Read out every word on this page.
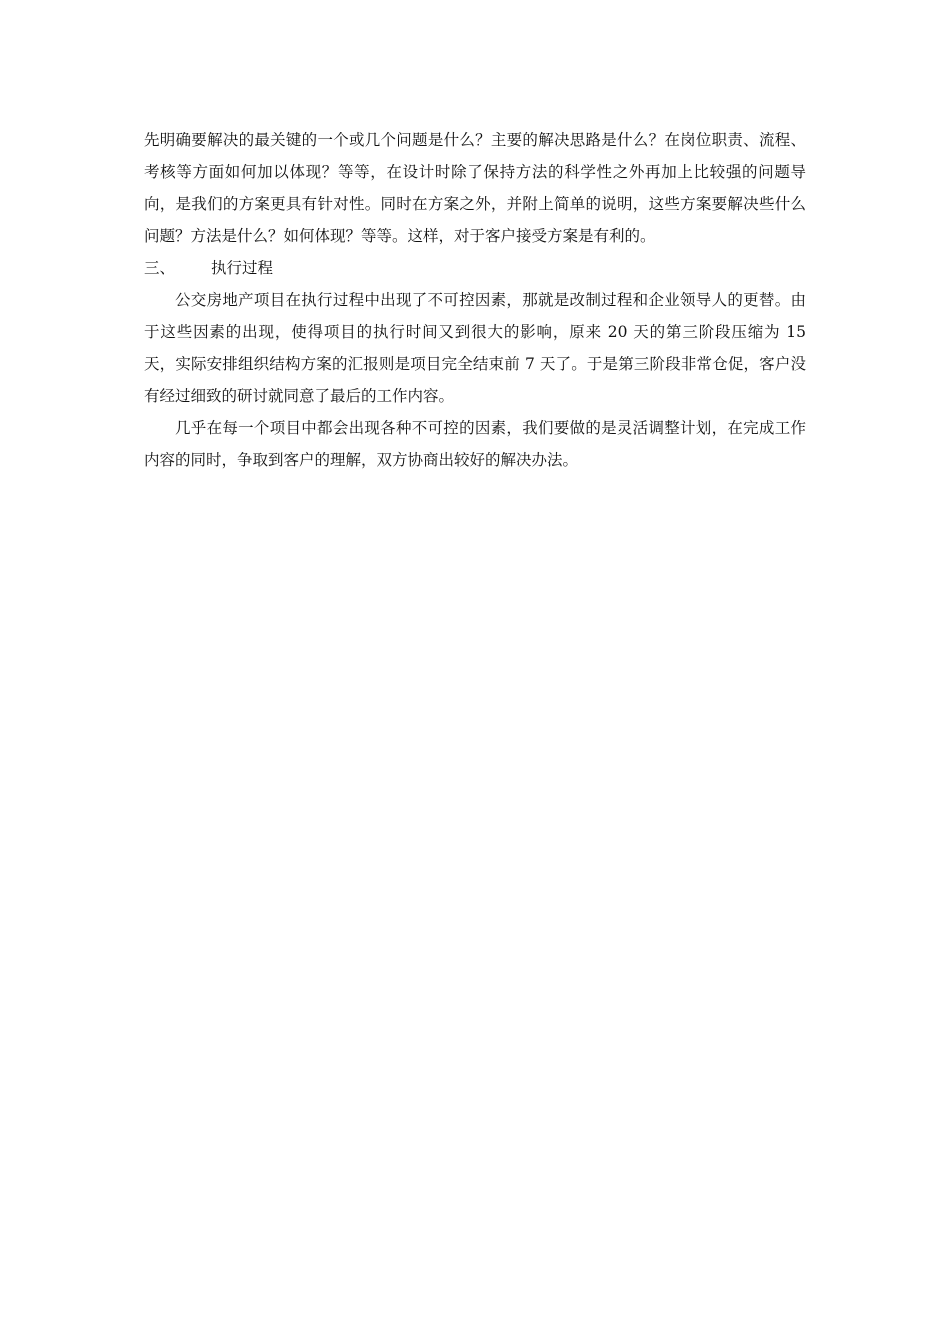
先明确要解决的最关键的一个或几个问题是什么？主要的解决思路是什么？在岗位职责、流程、考核等方面如何加以体现？等等，在设计时除了保持方法的科学性之外再加上比较强的问题导向，是我们的方案更具有针对性。同时在方案之外，并附上简单的说明，这些方案要解决些什么问题？方法是什么？如何体现？等等。这样，对于客户接受方案是有利的。

三、	执行过程

公交房地产项目在执行过程中出现了不可控因素，那就是改制过程和企业领导人的更替。由于这些因素的出现，使得项目的执行时间又到很大的影响，原来 20 天的第三阶段压缩为 15 天，实际安排组织结构方案的汇报则是项目完全结束前 7 天了。于是第三阶段非常仓促，客户没有经过细致的研讨就同意了最后的工作内容。

几乎在每一个项目中都会出现各种不可控的因素，我们要做的是灵活调整计划，在完成工作内容的同时，争取到客户的理解，双方协商出较好的解决办法。
